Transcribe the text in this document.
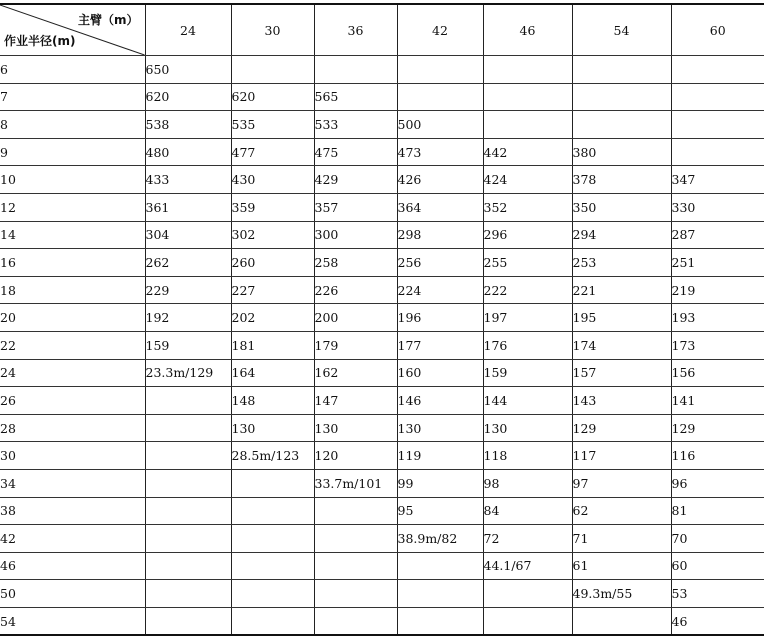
主臂（m）
作业半径(m)	24	30	36	42	46	54	60
6	650						
7	620	620	565				
8	538	535	533	500			
9	480	477	475	473	442	380	
10	433	430	429	426	424	378	347
12	361	359	357	364	352	350	330
14	304	302	300	298	296	294	287
16	262	260	258	256	255	253	251
18	229	227	226	224	222	221	219
20	192	202	200	196	197	195	193
22	159	181	179	177	176	174	173
24	23.3m/129	164	162	160	159	157	156
26		148	147	146	144	143	141
28		130	130	130	130	129	129
30		28.5m/123	120	119	118	117	116
34			33.7m/101	99	98	97	96
38				95	84	62	81
42				38.9m/82	72	71	70
46					44.1/67	61	60
50						49.3m/55	53
54							46
